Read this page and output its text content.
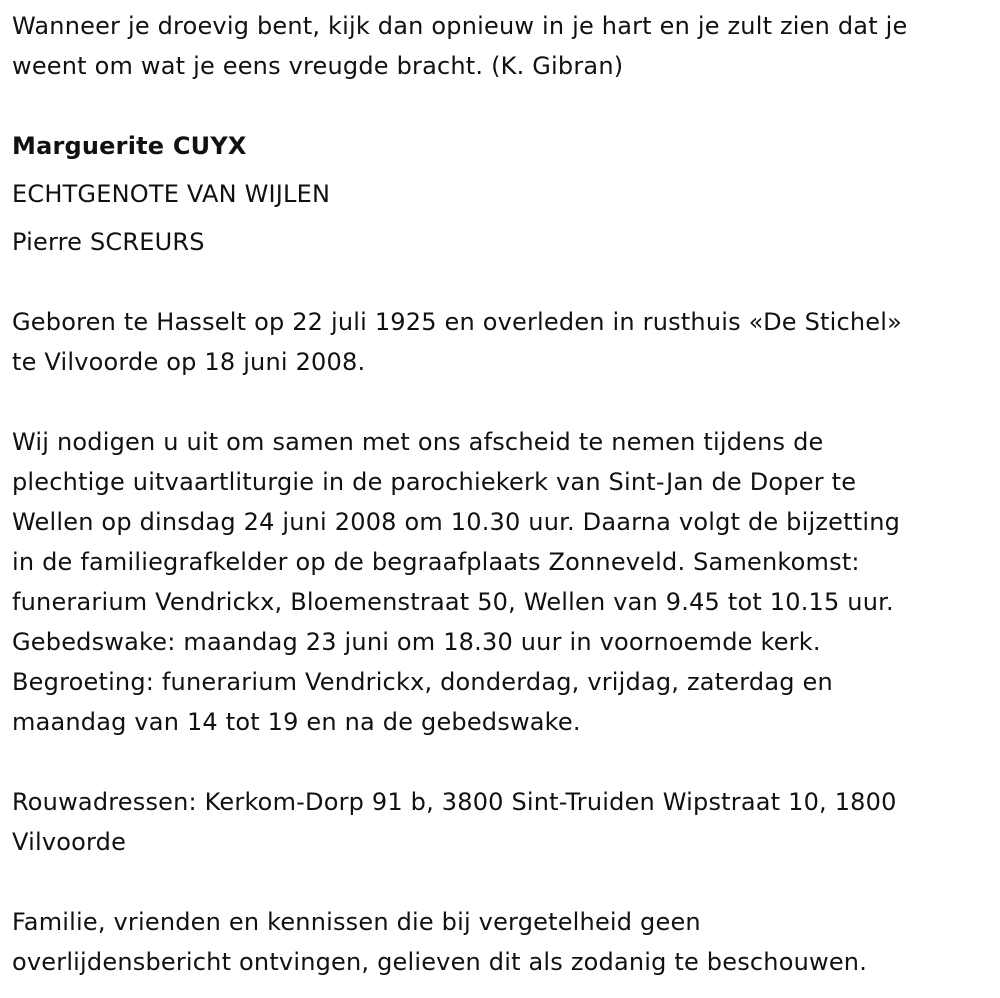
Wanneer je droevig bent, kijk dan opnieuw in je hart en je zult zien dat je
weent om wat je eens vreugde bracht. (K. Gibran)

Marguerite CUYX
ECHTGENOTE VAN WIJLEN
Pierre SCREURS

Geboren te Hasselt op 22 juli 1925 en overleden in rusthuis «De Stichel»
te Vilvoorde op 18 juni 2008.

Wij nodigen u uit om samen met ons afscheid te nemen tijdens de
plechtige uitvaartliturgie in de parochiekerk van Sint-Jan de Doper te
Wellen op dinsdag 24 juni 2008 om 10.30 uur. Daarna volgt de bijzetting
in de familiegrafkelder op de begraafplaats Zonneveld. Samenkomst:
funerarium Vendrickx, Bloemenstraat 50, Wellen van 9.45 tot 10.15 uur.
Gebedswake: maandag 23 juni om 18.30 uur in voornoemde kerk.
Begroeting: funerarium Vendrickx, donderdag, vrijdag, zaterdag en
maandag van 14 tot 19 en na de gebedswake.

Rouwadressen: Kerkom-Dorp 91 b, 3800 Sint-Truiden Wipstraat 10, 1800
Vilvoorde

Familie, vrienden en kennissen die bij vergetelheid geen
overlijdensbericht ontvingen, gelieven dit als zodanig te beschouwen.
